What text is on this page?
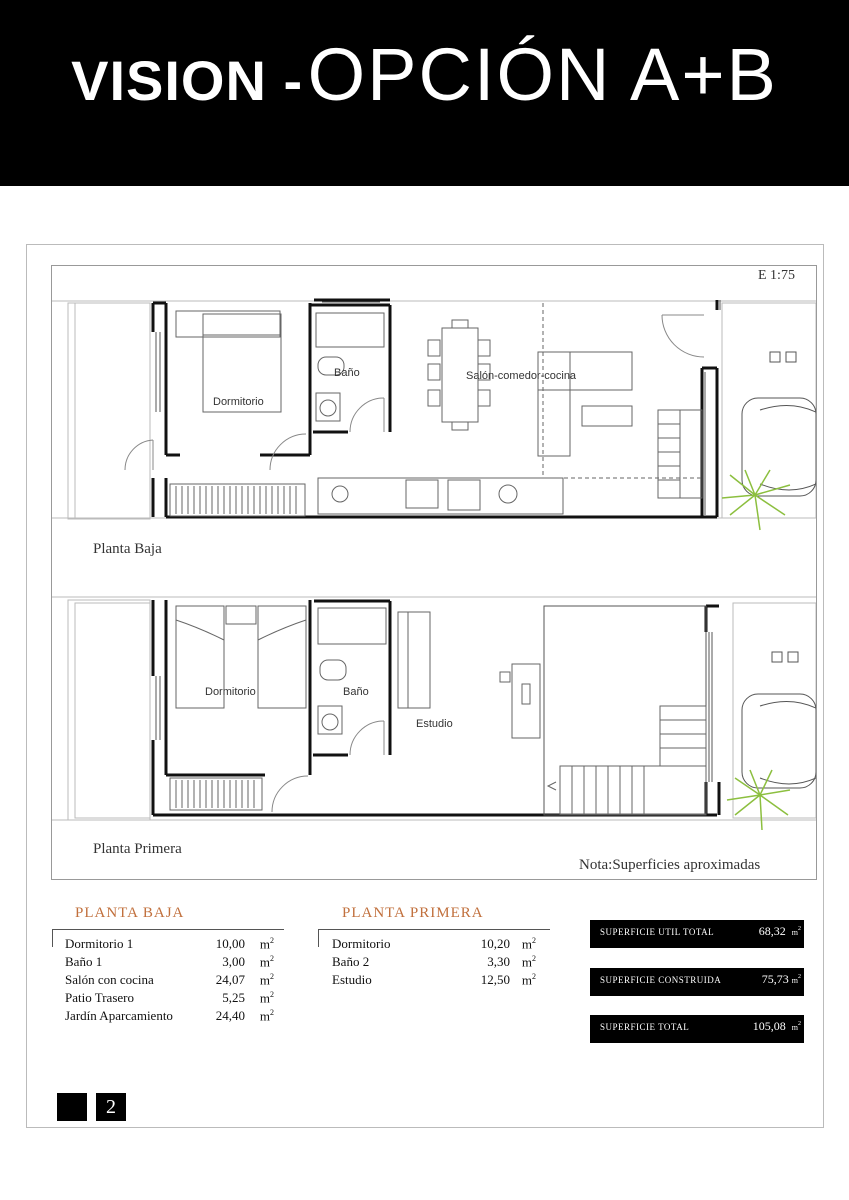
VISION - OPCIÓN A+B
E 1:75
Dormitorio
Baño	Salón-comedor-cocina
Planta Baja
Dormitorio	Baño
Estudio
Planta Primera
Nota:Superficies aproximadas
PLANTA BAJA
Dormitorio 1	10,00 $m^2$
Baño 1	3,00 $m^2$
Salón con cocina	24,07 $m^2$
Patio Trasero	5,25 $m^2$
Jardín Aparcamiento	24,40 $m^2$
PLANTA PRIMERA
Dormitorio	10,20 $m^2$
Baño 2	3,30 $m^2$
Estudio	12,50 $m^2$
SUPERFICIE UTIL TOTAL	68,32 $m^2$
SUPERFICIE CONSTRUIDA	75,73 $m^2$
SUPERFICIE TOTAL	105,08 $m^2$
2
